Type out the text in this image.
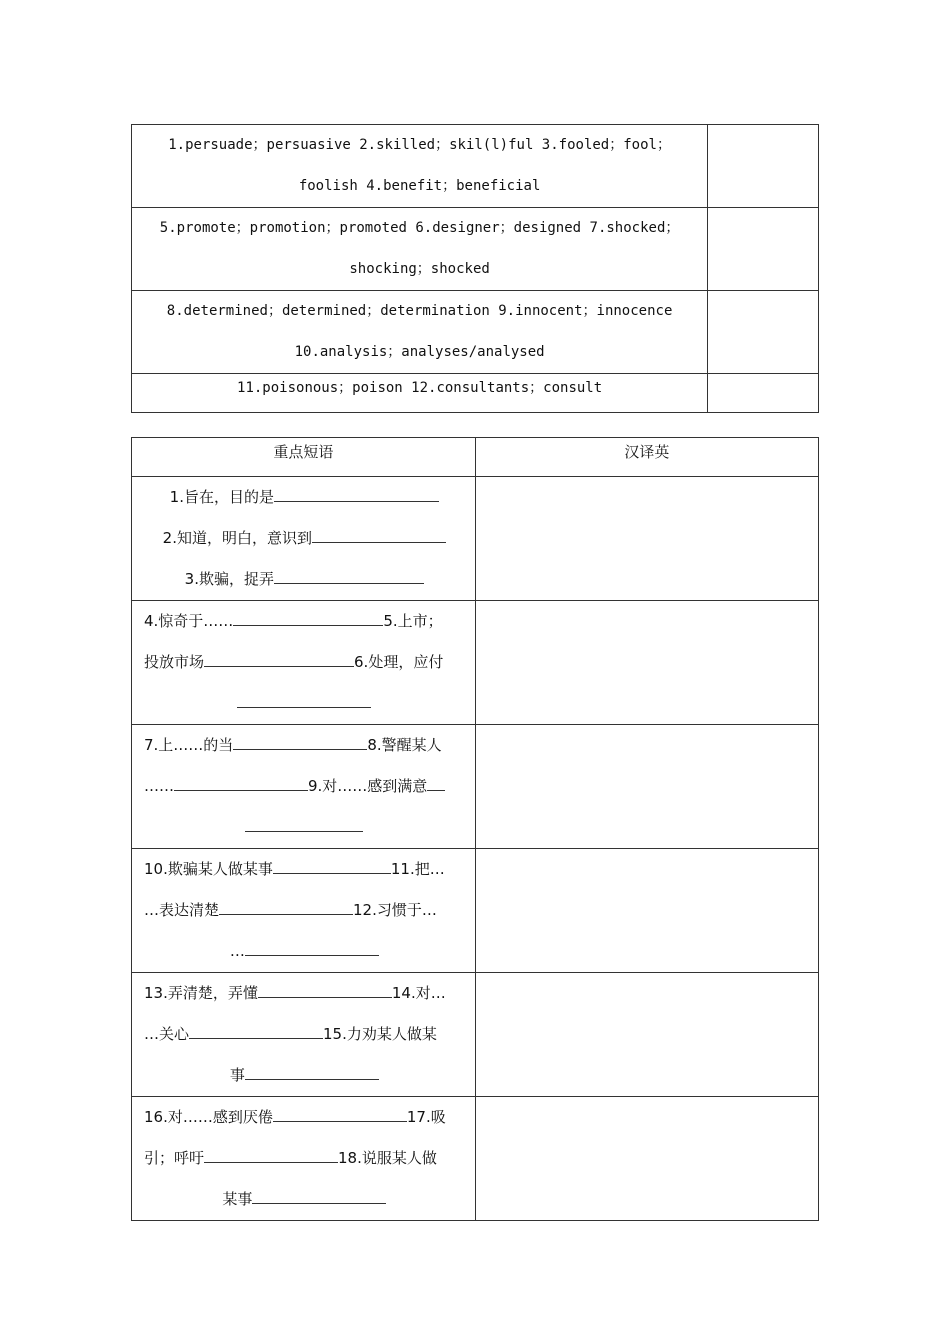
1.persuade；persuasive 2.skilled；skil(l)ful 3.fooled；fool；
foolish 4.benefit；beneficial	

5.promote；promotion；promoted 6.designer；designed 7.shocked；
shocking；shocked	

8.determined；determined；determination 9.innocent；innocence
10.analysis；analyses/analysed	

11.poisonous；poison 12.consultants；consult	

重点短语	汉译英

1.旨在，目的是
2.知道，明白，意识到
3.欺骗，捉弄	

4.惊奇于…… 5.上市；
投放市场 6.处理，应付	

7.上……的当 8.警醒某人
…… 9.对……感到满意	

10.欺骗某人做某事 11.把…
…表达清楚 12.习惯于…
…	

13.弄清楚，弄懂 14.对…
…关心 15.力劝某人做某
事	

16.对……感到厌倦 17.吸
引；呼吁 18.说服某人做
某事	
